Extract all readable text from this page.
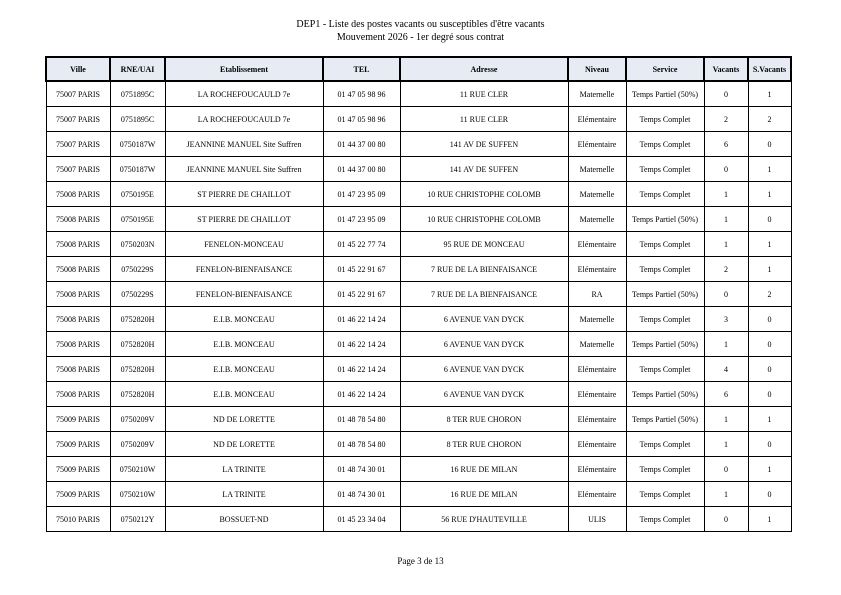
DEP1 - Liste des postes vacants ou susceptibles d'être vacants
Mouvement 2026 - 1er degré sous contrat
Ville	RNE/UAI	Etablissement	TEL	Adresse	Niveau	Service	Vacants	S.Vacants
75007 PARIS	0751895C	LA ROCHEFOUCAULD 7e	01 47 05 98 96	11 RUE CLER	Maternelle	Temps Partiel (50%)	0	1
75007 PARIS	0751895C	LA ROCHEFOUCAULD 7e	01 47 05 98 96	11 RUE CLER	Elémentaire	Temps Complet	2	2
75007 PARIS	0750187W	JEANNINE MANUEL Site Suffren	01 44 37 00 80	141 AV DE SUFFEN	Elémentaire	Temps Complet	6	0
75007 PARIS	0750187W	JEANNINE MANUEL Site Suffren	01 44 37 00 80	141 AV DE SUFFEN	Maternelle	Temps Complet	0	1
75008 PARIS	0750195E	ST PIERRE DE CHAILLOT	01 47 23 95 09	10 RUE CHRISTOPHE COLOMB	Maternelle	Temps Complet	1	1
75008 PARIS	0750195E	ST PIERRE DE CHAILLOT	01 47 23 95 09	10 RUE CHRISTOPHE COLOMB	Maternelle	Temps Partiel (50%)	1	0
75008 PARIS	0750203N	FENELON-MONCEAU	01 45 22 77 74	95 RUE DE MONCEAU	Elémentaire	Temps Complet	1	1
75008 PARIS	0750229S	FENELON-BIENFAISANCE	01 45 22 91 67	7 RUE DE LA BIENFAISANCE	Elémentaire	Temps Complet	2	1
75008 PARIS	0750229S	FENELON-BIENFAISANCE	01 45 22 91 67	7 RUE DE LA BIENFAISANCE	RA	Temps Partiel (50%)	0	2
75008 PARIS	0752820H	E.I.B. MONCEAU	01 46 22 14 24	6 AVENUE VAN DYCK	Maternelle	Temps Complet	3	0
75008 PARIS	0752820H	E.I.B. MONCEAU	01 46 22 14 24	6 AVENUE VAN DYCK	Maternelle	Temps Partiel (50%)	1	0
75008 PARIS	0752820H	E.I.B. MONCEAU	01 46 22 14 24	6 AVENUE VAN DYCK	Elémentaire	Temps Complet	4	0
75008 PARIS	0752820H	E.I.B. MONCEAU	01 46 22 14 24	6 AVENUE VAN DYCK	Elémentaire	Temps Partiel (50%)	6	0
75009 PARIS	0750209V	ND DE LORETTE	01 48 78 54 80	8 TER RUE CHORON	Elémentaire	Temps Partiel (50%)	1	1
75009 PARIS	0750209V	ND DE LORETTE	01 48 78 54 80	8 TER RUE CHORON	Elémentaire	Temps Complet	1	0
75009 PARIS	0750210W	LA TRINITE	01 48 74 30 01	16 RUE DE MILAN	Elémentaire	Temps Complet	0	1
75009 PARIS	0750210W	LA TRINITE	01 48 74 30 01	16 RUE DE MILAN	Elémentaire	Temps Complet	1	0
75010 PARIS	0750212Y	BOSSUET-ND	01 45 23 34 04	56 RUE D'HAUTEVILLE	ULIS	Temps Complet	0	1
Page 3 de 13
